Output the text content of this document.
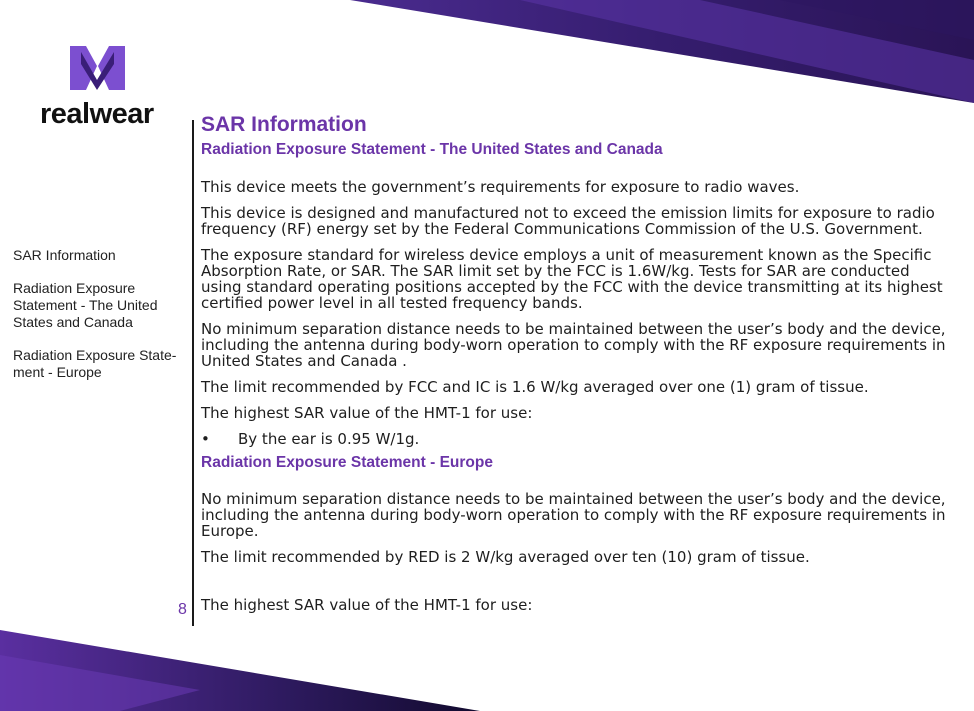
realwear
SAR Information
Radiation Exposure Statement - The United States and Canada
Radiation Exposure State-ment - Europe
8
SAR Information
Radiation Exposure Statement - The United States and Canada
This device meets the government’s requirements for exposure to radio waves.
This device is designed and manufactured not to exceed the emission limits for exposure to radio frequency (RF) energy set by the Federal Communications Commission of the U.S. Government.
The exposure standard for wireless device employs a unit of measurement known as the Specific Absorption Rate, or SAR. The SAR limit set by the FCC is 1.6W/kg. Tests for SAR are conducted using standard operating positions accepted by the FCC with the device transmitting at its highest certified power level in all tested frequency bands.
No minimum separation distance needs to be maintained between the user’s body and the device, including the antenna during body-worn operation to comply with the RF exposure requirements in United States and Canada .
The limit recommended by FCC and IC is 1.6 W/kg averaged over one (1) gram of tissue.
The highest SAR value of the HMT-1 for use:
• By the ear is 0.95 W/1g.
Radiation Exposure Statement - Europe
No minimum separation distance needs to be maintained between the user’s body and the device, including the antenna during body-worn operation to comply with the RF exposure requirements in Europe.
The limit recommended by RED is 2 W/kg averaged over ten (10) gram of tissue.
The highest SAR value of the HMT-1 for use:
